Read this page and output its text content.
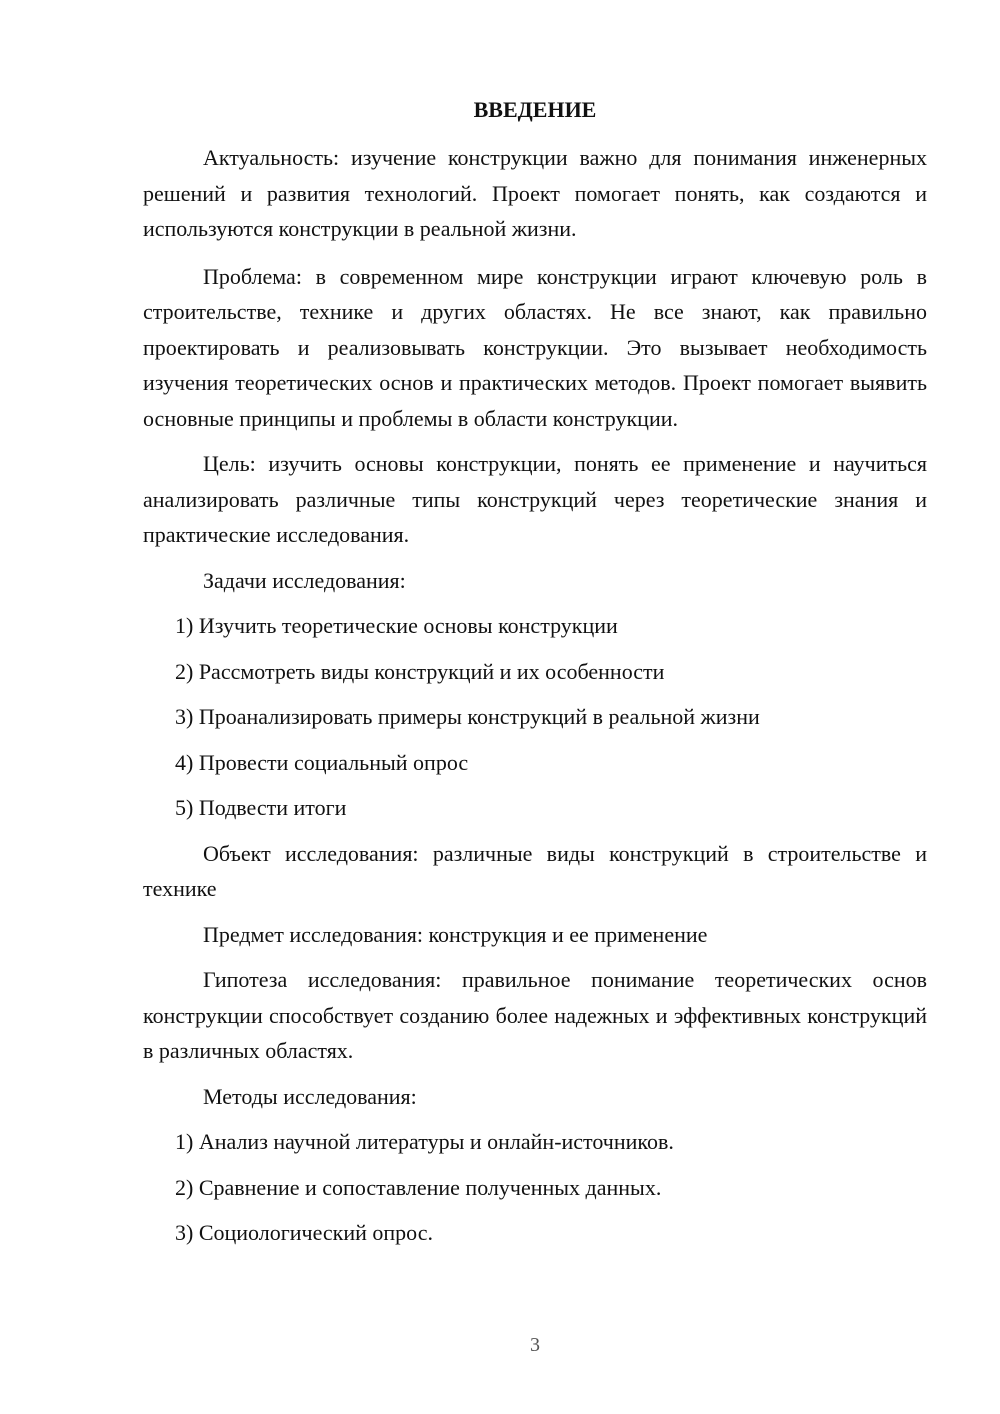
ВВЕДЕНИЕ

Актуальность: изучение конструкции важно для понимания инженерных решений и развития технологий. Проект помогает понять, как создаются и используются конструкции в реальной жизни.

Проблема: в современном мире конструкции играют ключевую роль в строительстве, технике и других областях. Не все знают, как правильно проектировать и реализовывать конструкции. Это вызывает необходимость изучения теоретических основ и практических методов. Проект помогает выявить основные принципы и проблемы в области конструкции.

Цель: изучить основы конструкции, понять ее применение и научиться анализировать различные типы конструкций через теоретические знания и практические исследования.

Задачи исследования:

1) Изучить теоретические основы конструкции

2) Рассмотреть виды конструкций и их особенности

3) Проанализировать примеры конструкций в реальной жизни

4) Провести социальный опрос

5) Подвести итоги

Объект исследования: различные виды конструкций в строительстве и технике

Предмет исследования: конструкция и ее применение

Гипотеза исследования: правильное понимание теоретических основ конструкции способствует созданию более надежных и эффективных конструкций в различных областях.

Методы исследования:

1) Анализ научной литературы и онлайн-источников.

2) Сравнение и сопоставление полученных данных.

3) Социологический опрос.

3
